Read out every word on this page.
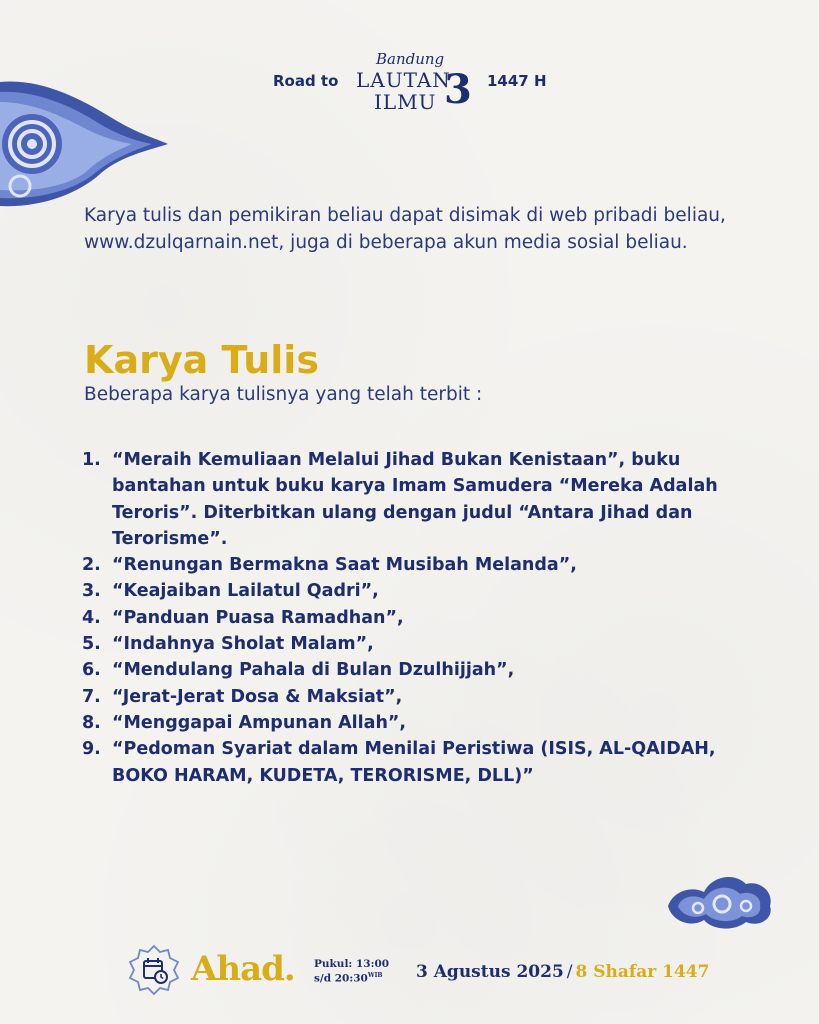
Road to
Bandung
LAUTAN
ILMU 3 1447 H

Karya tulis dan pemikiran beliau dapat disimak di web pribadi beliau, www.dzulqarnain.net, juga di beberapa akun media sosial beliau.

Karya Tulis
Beberapa karya tulisnya yang telah terbit :
1. “Meraih Kemuliaan Melalui Jihad Bukan Kenistaan”, buku bantahan untuk buku karya Imam Samudera “Mereka Adalah Teroris”. Diterbitkan ulang dengan judul “Antara Jihad dan Terorisme”.
2. “Renungan Bermakna Saat Musibah Melanda”,
3. “Keajaiban Lailatul Qadri”,
4. “Panduan Puasa Ramadhan”,
5. “Indahnya Sholat Malam”,
6. “Mendulang Pahala di Bulan Dzulhijjah”,
7. “Jerat-Jerat Dosa & Maksiat”,
8. “Menggapai Ampunan Allah”,
9. “Pedoman Syariat dalam Menilai Peristiwa (ISIS, AL-QAIDAH, BOKO HARAM, KUDETA, TERORISME, DLL)”
Ahad. Pukul: 13:00
s/d $20:30^{WIB}$	3 Agustus 2025 / 8 Shafar 1447
